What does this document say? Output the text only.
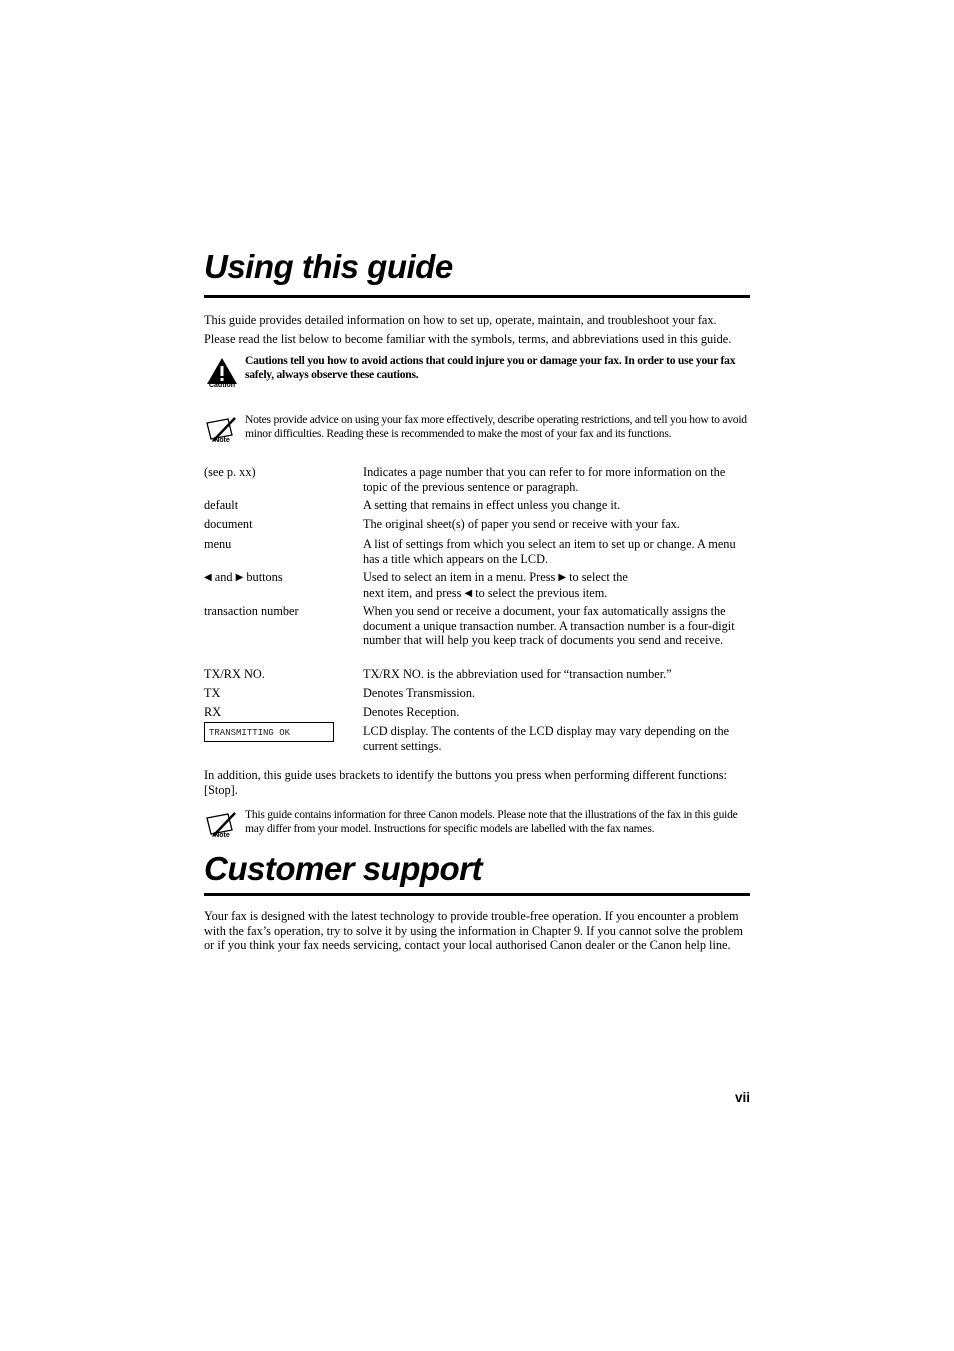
Using this guide

This guide provides detailed information on how to set up, operate, maintain, and troubleshoot your fax.

Please read the list below to become familiar with the symbols, terms, and abbreviations used in this guide.

Caution
Cautions tell you how to avoid actions that could injure you or damage your fax. In order to use your fax safely, always observe these cautions.
Note
Notes provide advice on using your fax more effectively, describe operating restrictions, and tell you how to avoid minor difficulties. Reading these is recommended to make the most of your fax and its functions.
(see p. xx)	Indicates a page number that you can refer to for more information on the topic of the previous sentence or paragraph.
default	A setting that remains in effect unless you change it.
document	The original sheet(s) of paper you send or receive with your fax.
menu	A list of settings from which you select an item to set up or change. A menu has a title which appears on the LCD.
◀ and ▶ buttons	Used to select an item in a menu. Press ▶ to select the
next item, and press ◀ to select the previous item.
transaction number	When you send or receive a document, your fax automatically assigns the document a unique transaction number. A transaction number is a four-digit number that will help you keep track of documents you send and receive.
TX/RX NO.	TX/RX NO. is the abbreviation used for “transaction number.”
TX	Denotes Transmission.
RX	Denotes Reception.
TRANSMITTING OK	LCD display. The contents of the LCD display may vary depending on the current settings.

In addition, this guide uses brackets to identify the buttons you press when performing different functions: [Stop].

Note
This guide contains information for three Canon models. Please note that the illustrations of the fax in this guide may differ from your model. Instructions for specific models are labelled with the fax names.
Customer support

Your fax is designed with the latest technology to provide trouble-free operation. If you encounter a problem with the fax’s operation, try to solve it by using the information in Chapter 9. If you cannot solve the problem or if you think your fax needs servicing, contact your local authorised Canon dealer or the Canon help line.

vii
